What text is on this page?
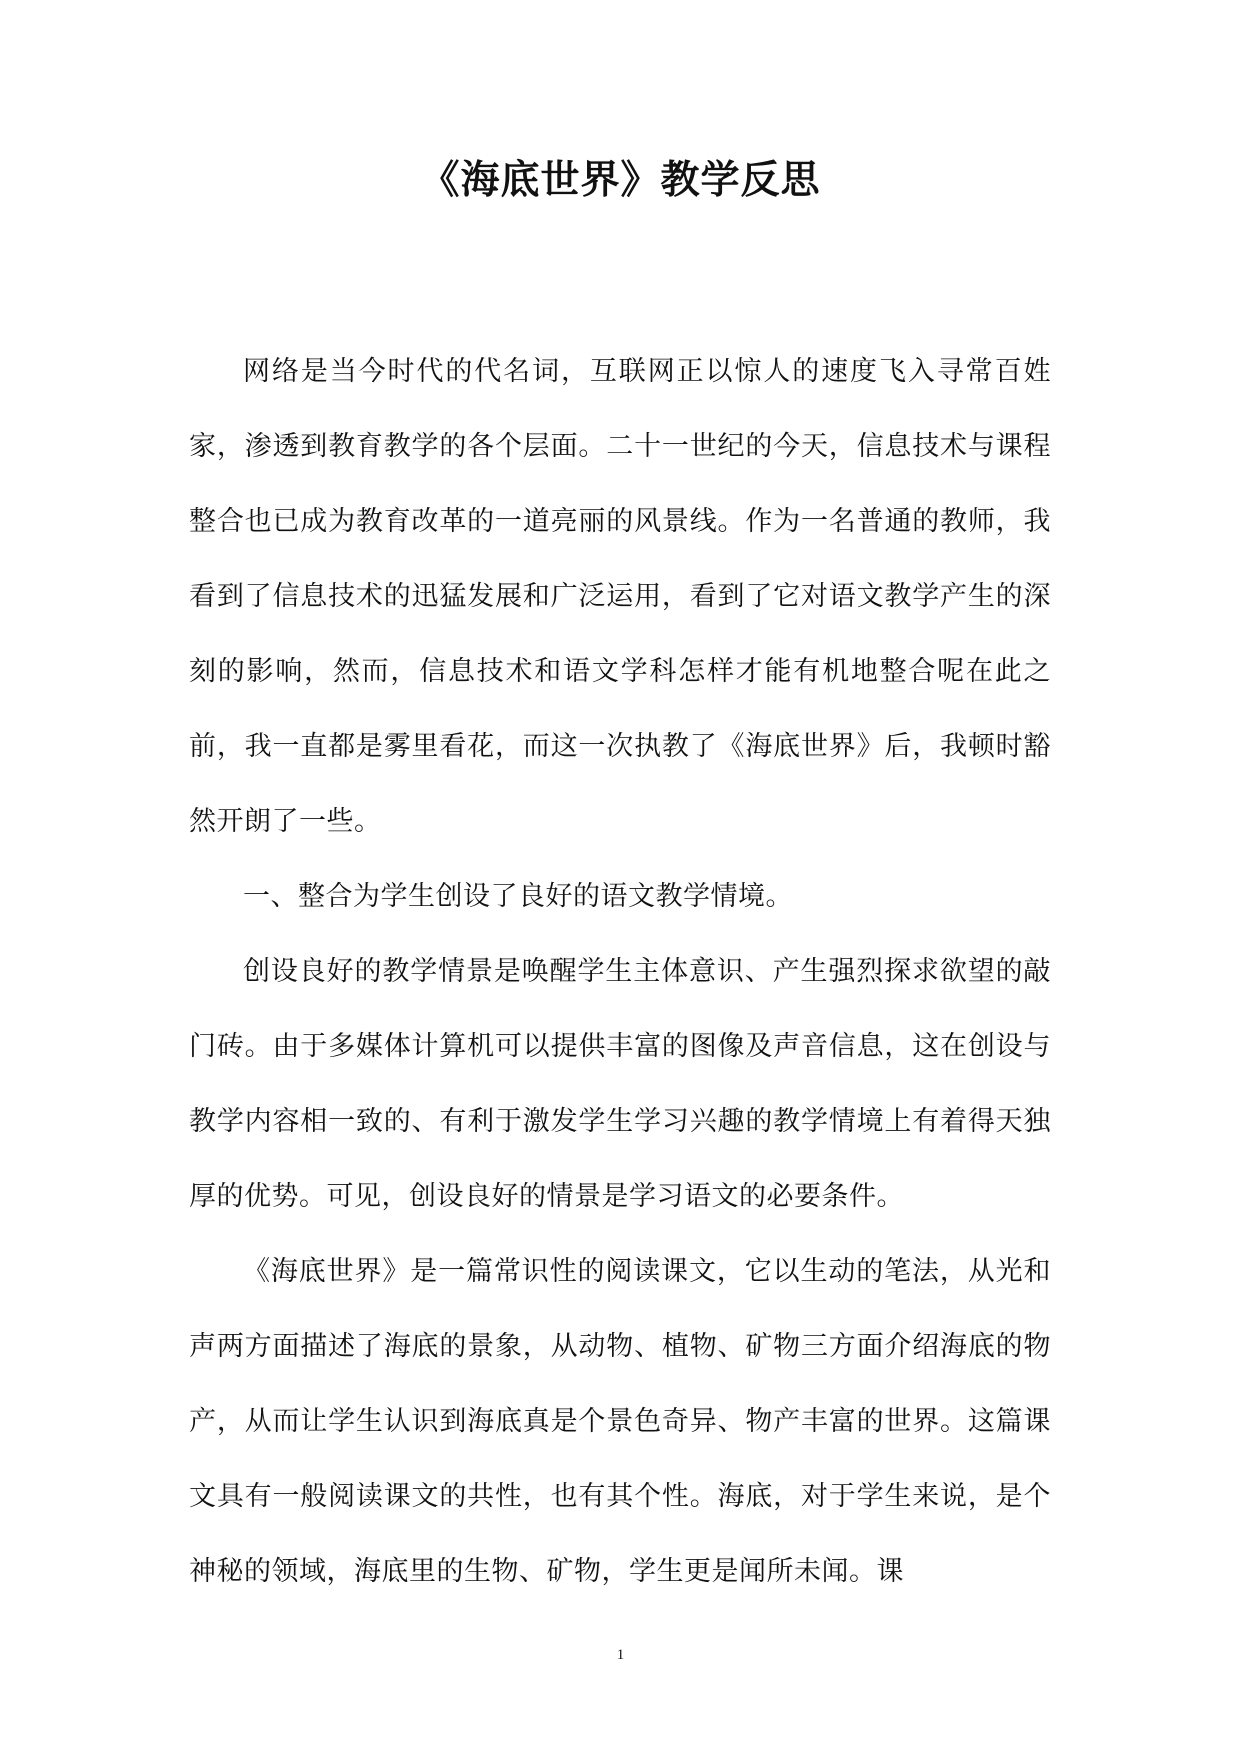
《海底世界》教学反思

网络是当今时代的代名词，互联网正以惊人的速度飞入寻常百姓家，渗透到教育教学的各个层面。二十一世纪的今天，信息技术与课程整合也已成为教育改革的一道亮丽的风景线。作为一名普通的教师，我看到了信息技术的迅猛发展和广泛运用，看到了它对语文教学产生的深刻的影响，然而，信息技术和语文学科怎样才能有机地整合呢在此之前，我一直都是雾里看花，而这一次执教了《海底世界》后，我顿时豁然开朗了一些。

一、整合为学生创设了良好的语文教学情境。

创设良好的教学情景是唤醒学生主体意识、产生强烈探求欲望的敲门砖。由于多媒体计算机可以提供丰富的图像及声音信息，这在创设与教学内容相一致的、有利于激发学生学习兴趣的教学情境上有着得天独厚的优势。可见，创设良好的情景是学习语文的必要条件。

《海底世界》是一篇常识性的阅读课文，它以生动的笔法，从光和声两方面描述了海底的景象，从动物、植物、矿物三方面介绍海底的物产，从而让学生认识到海底真是个景色奇异、物产丰富的世界。这篇课文具有一般阅读课文的共性，也有其个性。海底，对于学生来说，是个神秘的领域，海底里的生物、矿物，学生更是闻所未闻。课

1
